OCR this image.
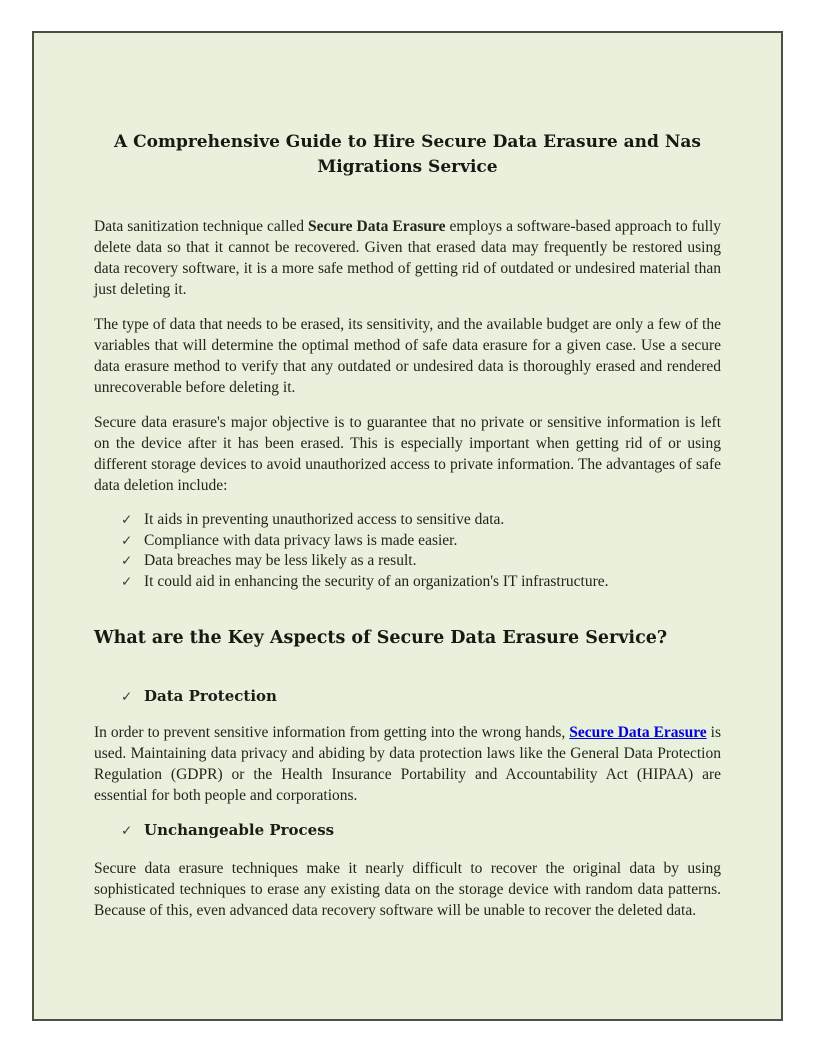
A Comprehensive Guide to Hire Secure Data Erasure and Nas Migrations Service

Data sanitization technique called Secure Data Erasure employs a software-based approach to fully delete data so that it cannot be recovered. Given that erased data may frequently be restored using data recovery software, it is a more safe method of getting rid of outdated or undesired material than just deleting it.

The type of data that needs to be erased, its sensitivity, and the available budget are only a few of the variables that will determine the optimal method of safe data erasure for a given case. Use a secure data erasure method to verify that any outdated or undesired data is thoroughly erased and rendered unrecoverable before deleting it.

Secure data erasure's major objective is to guarantee that no private or sensitive information is left on the device after it has been erased. This is especially important when getting rid of or using different storage devices to avoid unauthorized access to private information. The advantages of safe data deletion include:

✓ It aids in preventing unauthorized access to sensitive data.
✓ Compliance with data privacy laws is made easier.
✓ Data breaches may be less likely as a result.
✓ It could aid in enhancing the security of an organization's IT infrastructure.
What are the Key Aspects of Secure Data Erasure Service?
✓ Data Protection

In order to prevent sensitive information from getting into the wrong hands, Secure Data Erasure is used. Maintaining data privacy and abiding by data protection laws like the General Data Protection Regulation (GDPR) or the Health Insurance Portability and Accountability Act (HIPAA) are essential for both people and corporations.

✓ Unchangeable Process

Secure data erasure techniques make it nearly difficult to recover the original data by using sophisticated techniques to erase any existing data on the storage device with random data patterns. Because of this, even advanced data recovery software will be unable to recover the deleted data.
